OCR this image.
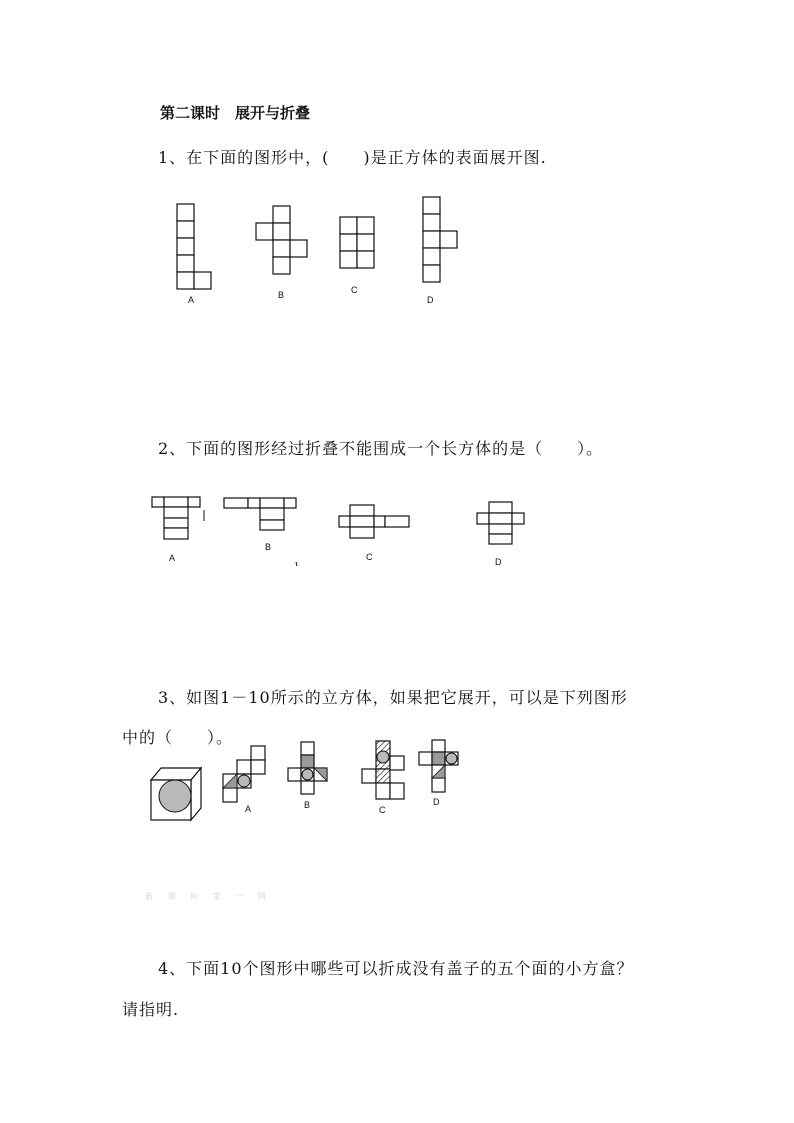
第二课时　展开与折叠
1、在下面的图形中，(　　)是正方体的表面展开图.
2、下面的图形经过折叠不能围成一个长方体的是（　　）。
3、如图1－10所示的立方体，如果把它展开，可以是下列图形
中的（　　）。
4、下面10个图形中哪些可以折成没有盖子的五个面的小方盒？
请指明.
新 课 标 第 一 网
A	B	C
D
A
B
C	D
A	B	C
D
